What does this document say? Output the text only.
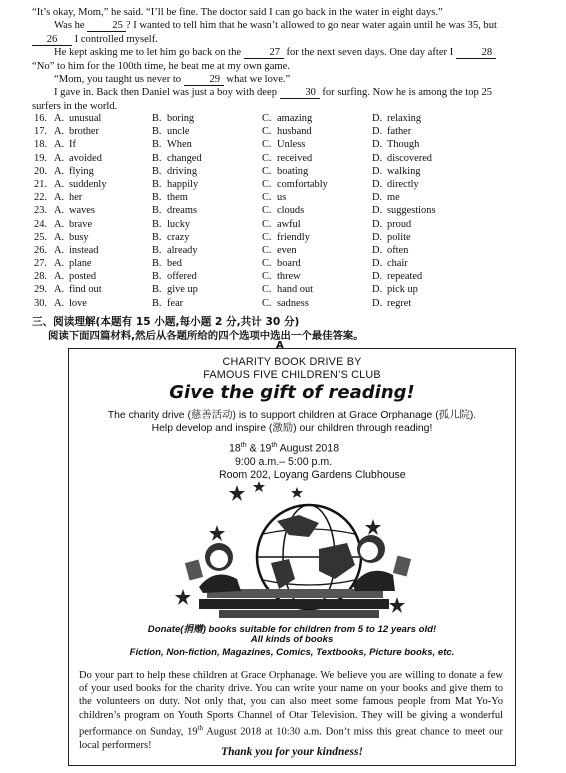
“It’s okay, Mom,” he said. “I’ll be fine. The doctor said I can go back in the water in eight days.”

Was he	25 ? I wanted to tell him that he wasn’t allowed to go near water again until he was 35, but

26 I controlled myself.

He kept asking me to let him go back on the	27 for the next seven days. One day after I	28

“No” to him for the 100th time, he beat me at my own game.

“Mom, you taught us never to	29 what we love.”

I gave in. Back then Daniel was just a boy with deep	30 for surfing. Now he is among the top 25

surfers in the world.

16. A. unusual	B. boring	C. amazing	D. relaxing
17. A. brother	B. uncle	C. husband	D. father
18. A. If	B. When	C. Unless	D. Though
19. A. avoided	B. changed	C. received	D. discovered
20. A. flying	B. driving	C. boating	D. walking
21. A. suddenly	B. happily	C. comfortably	D. directly
22. A. her	B. them	C. us	D. me
23. A. waves	B. dreams	C. clouds	D. suggestions
24. A. brave	B. lucky	C. awful	D. proud
25. A. busy	B. crazy	C. friendly	D. polite
26. A. instead	B. already	C. even	D. often
27. A. plane	B. bed	C. board	D. chair
28. A. posted	B. offered	C. threw	D. repeated
29. A. find out	B. give up	C. hand out	D. pick up
30. A. love	B. fear	C. sadness	D. regret
三、阅读理解(本题有 15 小题,每小题 2 分,共计 30 分)
阅读下面四篇材料,然后从各题所给的四个选项中选出一个最佳答案。
A
CHARITY BOOK DRIVE BY
FAMOUS FIVE CHILDREN’S CLUB
Give the gift of reading!
The charity drive (慈善活动) is to support children at Grace Orphanage (孤儿院).
Help develop and inspire (激励) our children through reading!
18th & 19th August 2018
9:00 a.m.– 5:00 p.m.
Room 202, Loyang Gardens Clubhouse
Donate(捐赠) books suitable for children from 5 to 12 years old!
All kinds of books
Fiction, Non-fiction, Magazines, Comics, Textbooks, Picture books, etc.
Do your part to help these children at Grace Orphanage. We believe you are willing to donate a few of your used books for the charity drive. You can write your name on your books and give them to the volunteers on duty. Not only that, you can also meet some famous people from Mat Yo-Yo children’s program on Youth Sports Channel of Otar Television. They will be giving a wonderful performance on Sunday, 19th August 2018 at 10:30 a.m. Don’t miss this great chance to meet our local performers!
Thank you for your kindness!
